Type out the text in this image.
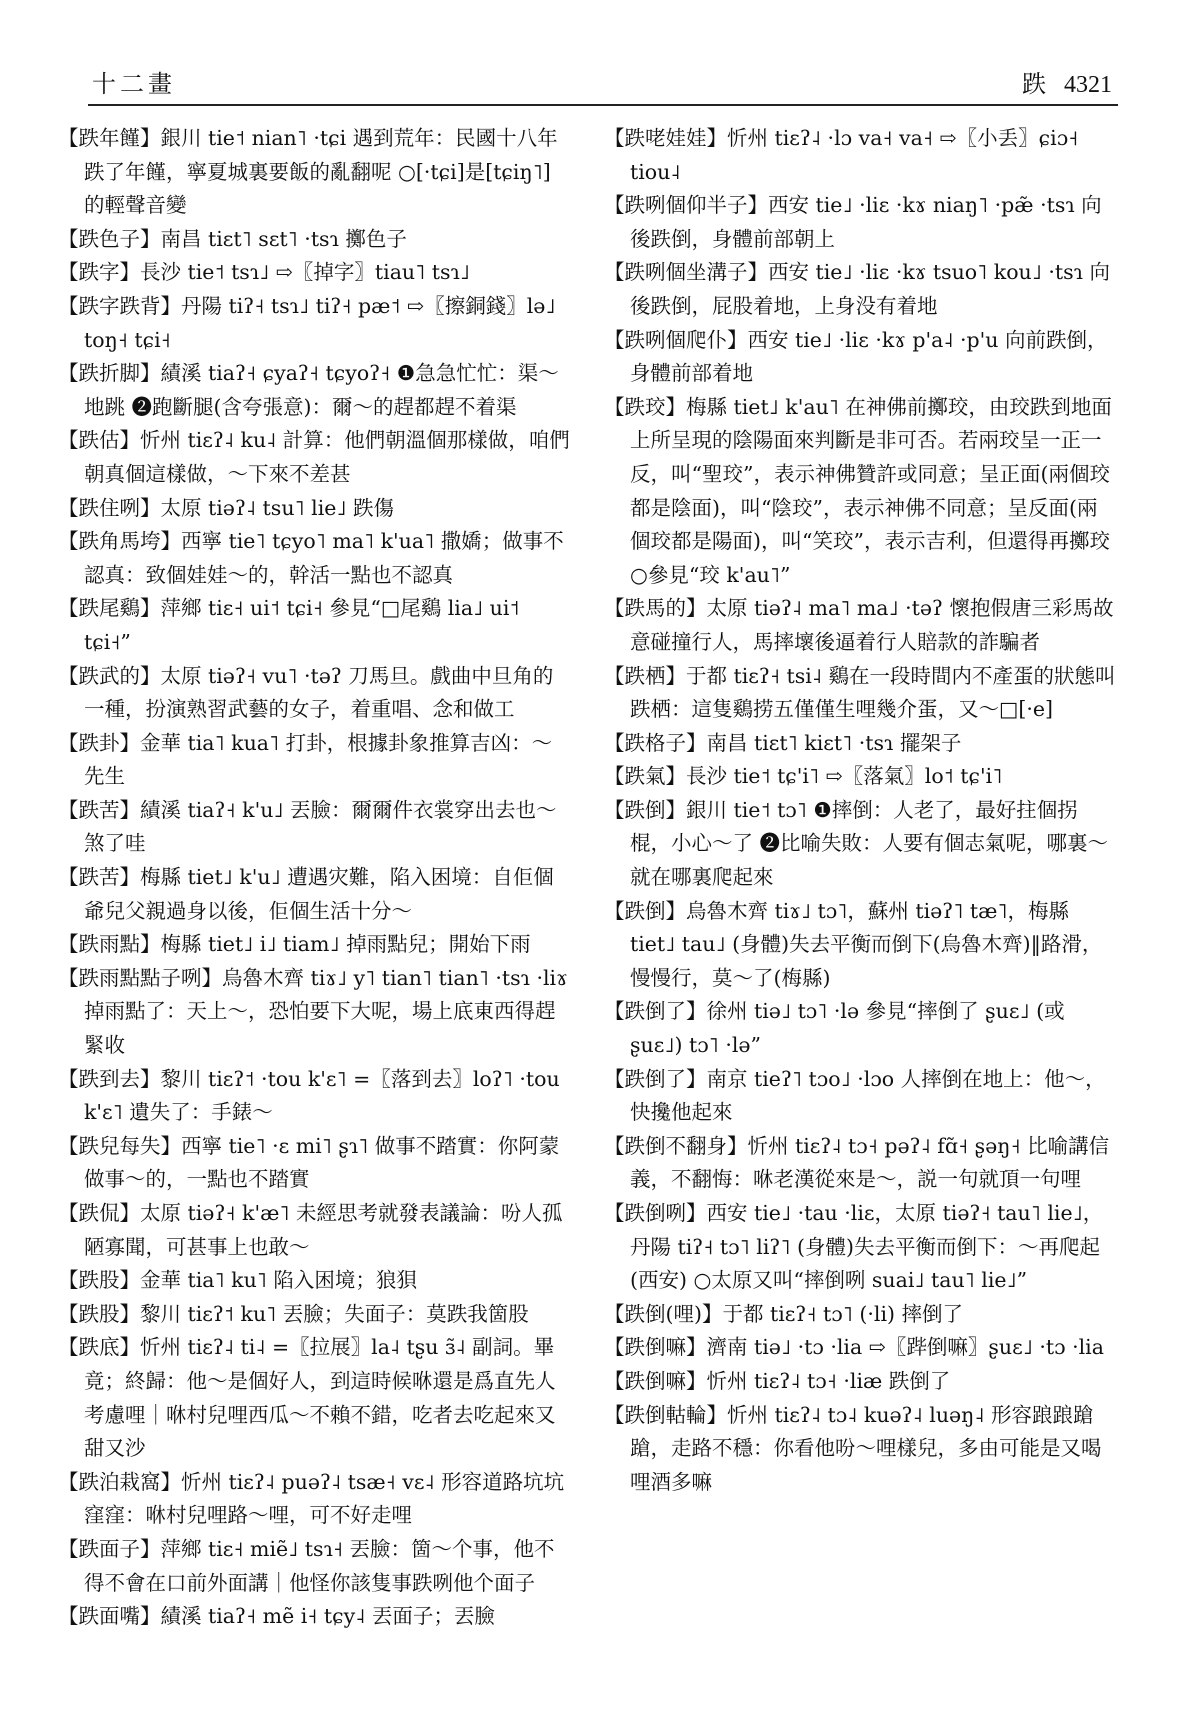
十二畫	跌 4321

【跌年饉】銀川 tie˦ nian˥ ·tɕi 遇到荒年：民國十八年跌了年饉，寧夏城裏要飯的亂翻呢 ○[·tɕi]是[tɕiŋ˥]的輕聲音變

【跌色子】南昌 tiɛt˥ sɛt˥ ·tsɿ 擲色子

【跌字】長沙 tie˦ tsɿ˩ ⇨〖掉字〗tiau˥ tsɿ˩

【跌字跌背】丹陽 tiʔ˧ tsɿ˩ tiʔ˧ pæ˦ ⇨〖擦銅錢〗lə˩ toŋ˧ tɕi˧

【跌折脚】績溪 tiaʔ˧ ɕyaʔ˧ tɕyoʔ˧ ❶急急忙忙：渠～地跳 ❷跑斷腿(含夸張意)：爾～的趕都趕不着渠

【跌估】忻州 tiɛʔ˨ ku˨ 計算：他們朝溫個那樣做，咱們朝真個這樣做，～下來不差甚

【跌住咧】太原 tiəʔ˨ tsu˥ lie˩ 跌傷

【跌角馬垮】西寧 tie˥ tɕyo˥ ma˥ k'ua˥ 撒嬌；做事不認真：致個娃娃～的，幹活一點也不認真

【跌尾鷄】萍鄉 tiɛ˧ ui˦ tɕi˧ 參見“□尾鷄 lia˩ ui˦ tɕi˧”

【跌武的】太原 tiəʔ˧ vu˥ ·təʔ 刀馬旦。戲曲中旦角的一種，扮演熟習武藝的女子，着重唱、念和做工

【跌卦】金華 tia˥ kua˥ 打卦，根據卦象推算吉凶：～先生

【跌苦】績溪 tiaʔ˧ k'u˩ 丟臉：爾爾件衣裳穿出去也～煞了哇

【跌苦】梅縣 tiet˩ k'u˩ 遭遇灾難，陷入困境：自佢個爺兒父親過身以後，佢個生活十分～

【跌雨點】梅縣 tiet˩ i˩ tiam˩ 掉雨點兒；開始下雨

【跌雨點點子咧】烏魯木齊 tiɤ˩ y˥ tian˥ tian˥ ·tsɿ ·liɤ 掉雨點了：天上～，恐怕要下大呢，場上底東西得趕緊收

【跌到去】黎川 tiɛʔ˦ ·tou k'ɛ˥ =〖落到去〗loʔ˥ ·tou k'ɛ˥ 遺失了：手錶～

【跌兒每失】西寧 tie˥ ·ɛ mi˥ ʂɿ˥ 做事不踏實：你阿蒙做事～的，一點也不踏實

【跌侃】太原 tiəʔ˧ k'æ˥ 未經思考就發表議論：吩人孤陋寡聞，可甚事上也敢～

【跌股】金華 tia˥ ku˥ 陷入困境；狼狽

【跌股】黎川 tiɛʔ˦ ku˥ 丟臉；失面子：莫跌我箇股

【跌底】忻州 tiɛʔ˨ ti˨ =〖拉展〗la˨ tʂu ɜ̃˨ 副詞。畢竟；終歸：他～是個好人，到這時候咻還是爲直先人考慮哩｜咻村兒哩西瓜～不賴不錯，吃者去吃起來又甜又沙

【跌泊栽窩】忻州 tiɛʔ˨ puəʔ˨ tsæ˧ vɛ˨ 形容道路坑坑窪窪：咻村兒哩路～哩，可不好走哩

【跌面子】萍鄉 tiɛ˧ miẽ˩ tsɿ˧ 丟臉：箇～个事，他不得不會在口前外面講｜他怪你該隻事跌咧他个面子

【跌面嘴】績溪 tiaʔ˧ mẽ i˧ tɕy˨ 丟面子；丟臉

【跌咾娃娃】忻州 tiɛʔ˨ ·lɔ va˧ va˧ ⇨〖小丢〗ɕiɔ˧ tiou˨

【跌咧個仰半子】西安 tie˩ ·liɛ ·kɤ niaŋ˥ ·pæ̃ ·tsɿ 向後跌倒，身體前部朝上

【跌咧個坐溝子】西安 tie˩ ·liɛ ·kɤ tsuo˥ kou˩ ·tsɿ 向後跌倒，屁股着地，上身没有着地

【跌咧個爬仆】西安 tie˩ ·liɛ ·kɤ p'a˨ ·p'u 向前跌倒，身體前部着地

【跌珓】梅縣 tiet˩ k'au˥ 在神佛前擲珓，由珓跌到地面上所呈現的陰陽面來判斷是非可否。若兩珓呈一正一反，叫“聖珓”，表示神佛贊許或同意；呈正面(兩個珓都是陰面)，叫“陰珓”，表示神佛不同意；呈反面(兩個珓都是陽面)，叫“笑珓”，表示吉利，但還得再擲珓 ○參見“珓 k'au˥”

【跌馬的】太原 tiəʔ˨ ma˥ ma˩ ·təʔ 懷抱假唐三彩馬故意碰撞行人，馬摔壞後逼着行人賠款的詐騙者

【跌栖】于都 tiɛʔ˧ tsi˨ 鷄在一段時間内不產蛋的狀態叫跌栖：這隻鷄捞五僅僅生哩幾介蛋，又～□[·e]

【跌格子】南昌 tiɛt˥ kiɛt˥ ·tsɿ 擺架子

【跌氣】長沙 tie˦ tɕ'i˥ ⇨〖落氣〗lo˦ tɕ'i˥

【跌倒】銀川 tie˦ tɔ˥ ❶摔倒：人老了，最好拄個拐棍，小心～了 ❷比喻失敗：人要有個志氣呢，哪裏～就在哪裏爬起來

【跌倒】烏魯木齊 tiɤ˩ tɔ˥，蘇州 tiəʔ˥ tæ˥，梅縣 tiet˩ tau˩ (身體)失去平衡而倒下(烏魯木齊)‖路滑，慢慢行，莫～了(梅縣)

【跌倒了】徐州 tiə˩ tɔ˥ ·lə 參見“摔倒了 ʂuɛ˩ (或 ʂuɛ˩) tɔ˥ ·lə”

【跌倒了】南京 tieʔ˥ tɔo˩ ·lɔo 人摔倒在地上：他～，快攙他起來

【跌倒不翻身】忻州 tiɛʔ˨ tɔ˧ pəʔ˨ fɑ̃˧ ʂəŋ˧ 比喻講信義，不翻悔：咻老漢從來是～，説一句就頂一句哩

【跌倒咧】西安 tie˩ ·tau ·liɛ，太原 tiəʔ˧ tau˥ lie˩，丹陽 tiʔ˧ tɔ˥ liʔ˥ (身體)失去平衡而倒下：～再爬起(西安) ○太原又叫“摔倒咧 suai˩ tau˥ lie˩”

【跌倒(哩)】于都 tiɛʔ˧ tɔ˥ (·li) 摔倒了

【跌倒嘛】濟南 tiə˩ ·tɔ ·lia ⇨〖跸倒嘛〗ʂuɛ˩ ·tɔ ·lia

【跌倒嘛】忻州 tiɛʔ˨ tɔ˧ ·liæ 跌倒了

【跌倒軲輪】忻州 tiɛʔ˨ tɔ˨ kuəʔ˨ luəŋ˨ 形容踉踉蹌蹌，走路不穩：你看他吩～哩樣兒，多由可能是又喝哩酒多嘛
